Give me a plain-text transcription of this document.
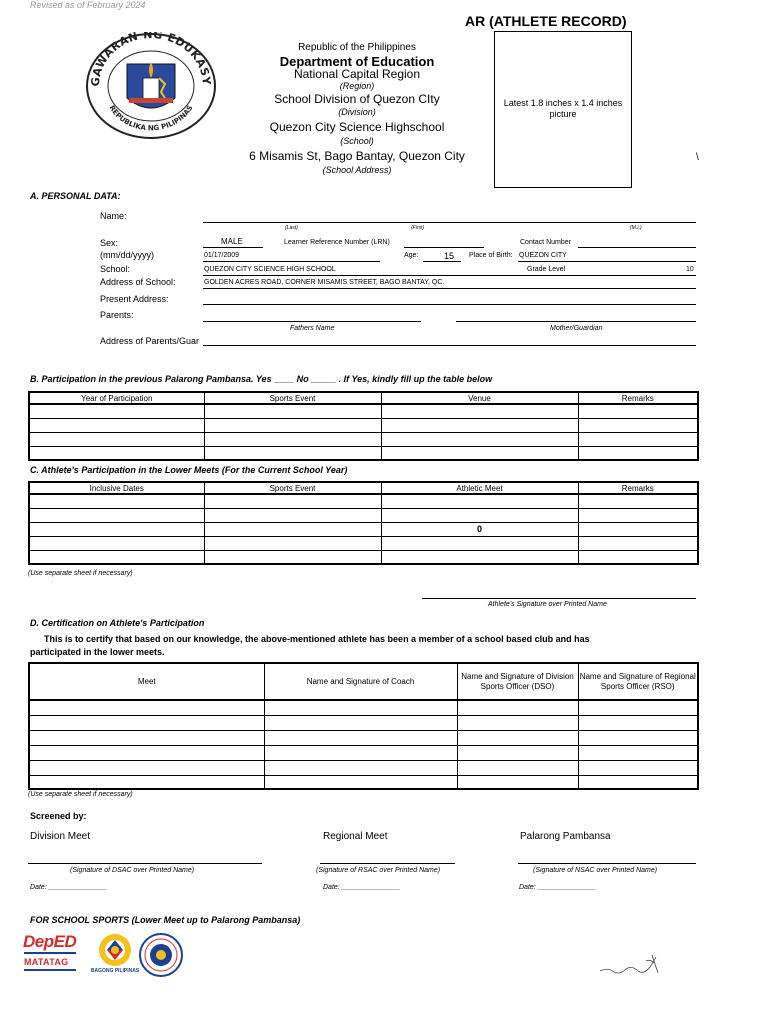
Revised as of February 2024
AR (ATHLETE RECORD)
GAWARAN NG EDUKASY
REPUBLIKA NG PILIPINAS
Republic of the Philippines
Department of Education
National Capital Region
(Region)
School Division of Quezon CIty
(Division)
Quezon City Science Highschool
(School)
6 Misamis St, Bago Bantay, Quezon City
(School Address)
Latest 1.8 inches x 1.4 inches picture
\
A. PERSONAL DATA:
Name:
(Last)	(First)	(M.I.)
Sex:	MALE	Learner Reference Number (LRN)	Contact Number
(mm/dd/yyyy)	01/17/2009	Age:	15 Place of Birth: QUEZON CITY
School:	QUEZON CITY SCIENCE HIGH SCHOOL	Grade Level	10
Address of School:	GOLDEN ACRES ROAD, CORNER MISAMIS STREET, BAGO BANTAY, QC.
Present Address:
Parents:
Fathers Name	Mother/Guardian
Address of Parents/Guar
B. Participation in the previous Palarong Pambansa. Yes ____ No _____ . If Yes, kindly fill up the table below
Year of Participation	Sports Event	Venue	Remarks

C. Athlete's Participation in the Lower Meets (For the Current School Year)
Inclusive Dates	Sports Event	Athletic Meet	Remarks

		0	

(Use separate sheet if necessary)
Athlete's Signature over Printed Name
D. Certification on Athlete's Participation
This is to certify that based on our knowledge, the above-mentioned athlete has been a member of a school based club and has
participated in the lower meets.
Meet	Name and Signature of Coach	Name and Signature of Division Sports Officer (DSO)	Name and Signature of Regional Sports Officer (RSO)

(Use separate sheet if necessary)
Screened by:
Division Meet	Regional Meet	Palarong Pambansa
(Signature of DSAC over Printed Name)	(Signature of RSAC over Printed Name)	(Signature of NSAC over Printed Name)
Date: _______________	Date: _______________	Date: _______________
FOR SCHOOL SPORTS (Lower Meet up to Palarong Pambansa)
DepED
MATATAG
BAGONG PILIPINAS
